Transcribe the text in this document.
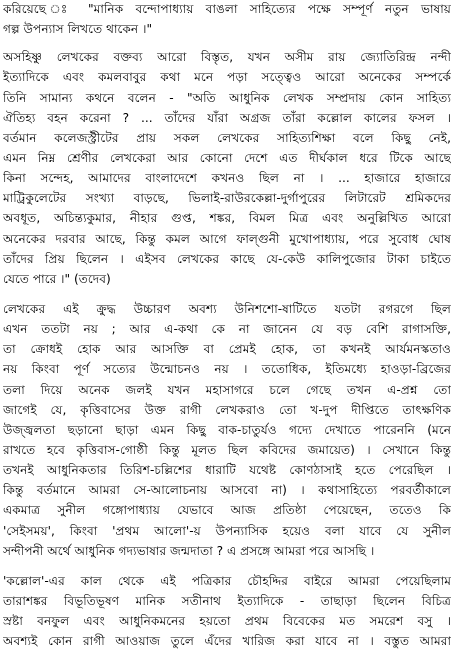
করিয়েছে ঃ "মানিক বন্দোপাধ্যায় বাঙলা সাহিত্যের পক্ষে সম্পূর্ণ নতুন ভাষায়
গল্প উপন্যাস লিখতে থাকেন ।"
অসহিষ্ণু লেখকের বক্তব্য আরো বিস্তৃত, যখন অসীম রায় জ্যোতিরিন্দ্র নন্দী
ইত্যাদিকে এবং কমলবাবুর কথা মনে পড়া সত্ত্বেও আরো অনেকের সম্পর্কে
তিনি সামান্য কথনে বলেন - "অতি আধুনিক লেখক সম্প্রদায় কোন সাহিত্য
ঐতিহ্য বহন করেনা ? ... তাঁদের যাঁরা অগ্রজ তাঁরা কল্লোল কালের ফসল ।
বর্তমান কলেজস্ট্রীটের প্রায় সকল লেখকের সাহিত্যশিক্ষা বলে কিছু নেই,
এমন নিম্ন শ্রেণীর লেখকেরা আর কোনো দেশে এত দীর্ঘকাল ধরে টিকে আছে
কিনা সন্দেহ, আমাদের বাংলাদেশে কখনও ছিল না । ... হাজারে হাজারে
মাট্রিকুলেটের সংখ্যা বাড়ছে, ভিলাই-রাউরকেল্লা-দুর্গাপুরের লিটারেট শ্রমিকদের
অবধূত, অচিন্ত্যকুমার, নীহার গুপ্ত, শঙ্কর, বিমল মিত্র এবং অনুল্লিখিত আরো
অনেকের দরবার আছে, কিন্তু কমল আগে ফাল্গুনী মুখোপাধ্যায়, পরে সুবোধ ঘোষ
তাঁদের প্রিয় ছিলেন । এইসব লেখকের কাছে যে-কেউ কালিপুজোর টাকা চাইতে
যেতে পারে ।" (তদেব)
লেখকের এই ক্রুদ্ধ উচ্চারণ অবশ্য উনিশশো-ষাটিতে যতটা রগরগে ছিল
এখন ততটা নয় ; আর এ-কথা কে না জানেন যে বড় বেশি রাগাসক্তি,
তা ক্রোধই হোক আর আসক্তি বা প্রেমই হোক, তা কখনই আর্যমনস্কতাও
নয় কিংবা পূর্ণ সত্যের উন্মোচনও নয় । ততোধিক, ইতিমধ্যে হাওড়া-ব্রিজের
তলা দিয়ে অনেক জলই যখন মহাসাগরে চলে গেছে তখন এ-প্রশ্ন তো
জাগেই যে, কৃত্তিবাসের উক্ত রাগী লেখকরাও তো খ-দুপ দীপ্তিতে তাৎক্ষণিক
উজ্জ্বলতা ছড়ানো ছাড়া এমন কিছু বাক-চাতুর্যও গদ্যে দেখাতে পারেননি (মনে
রাখতে হবে কৃত্তিবাস-গোষ্ঠী কিন্তু মূলত ছিল কবিদের জমায়েত) । সেখানে কিন্তু
তখনই আধুনিকতার তিরিশ-চল্লিশের ধারাটি যথেষ্ট কোণঠাসাই হতে পেরেছিল ।
কিন্তু বর্তমানে আমরা সে-আলোচনায় আসবো না) । কথাসাহিত্যে পরবর্তীকালে
একমাত্র সুনীল গঙ্গোপাধ্যায় যেভাবে আজ প্রতিষ্ঠা পেয়েছেন, ততেও কি
'সেইসময়', কিংবা 'প্রথম আলো'-য় উপন্যাসিক হয়েও বলা যাবে যে সুনীল
সন্দীপনী অর্থে আধুনিক গদ্যভাষার জন্মদাতা ? এ প্রসঙ্গে আমরা পরে আসছি ।
'কল্লোল'-এর কাল থেকে এই পত্রিকার চৌহদ্দির বাইরে আমরা পেয়েছিলাম
তারাশঙ্কর বিভূতিভূষণ মানিক সতীনাথ ইত্যাদিকে - তাছাড়া ছিলেন বিচিত্র
স্রষ্টা বনফুল এবং আধুনিকমনের হয়তো প্রথম বিবেকের মত সমরেশ বসু ।
অবশ্যই কোন রাগী আওয়াজ তুলে এঁদের খারিজ করা যাবে না । বস্তুত আমরা
